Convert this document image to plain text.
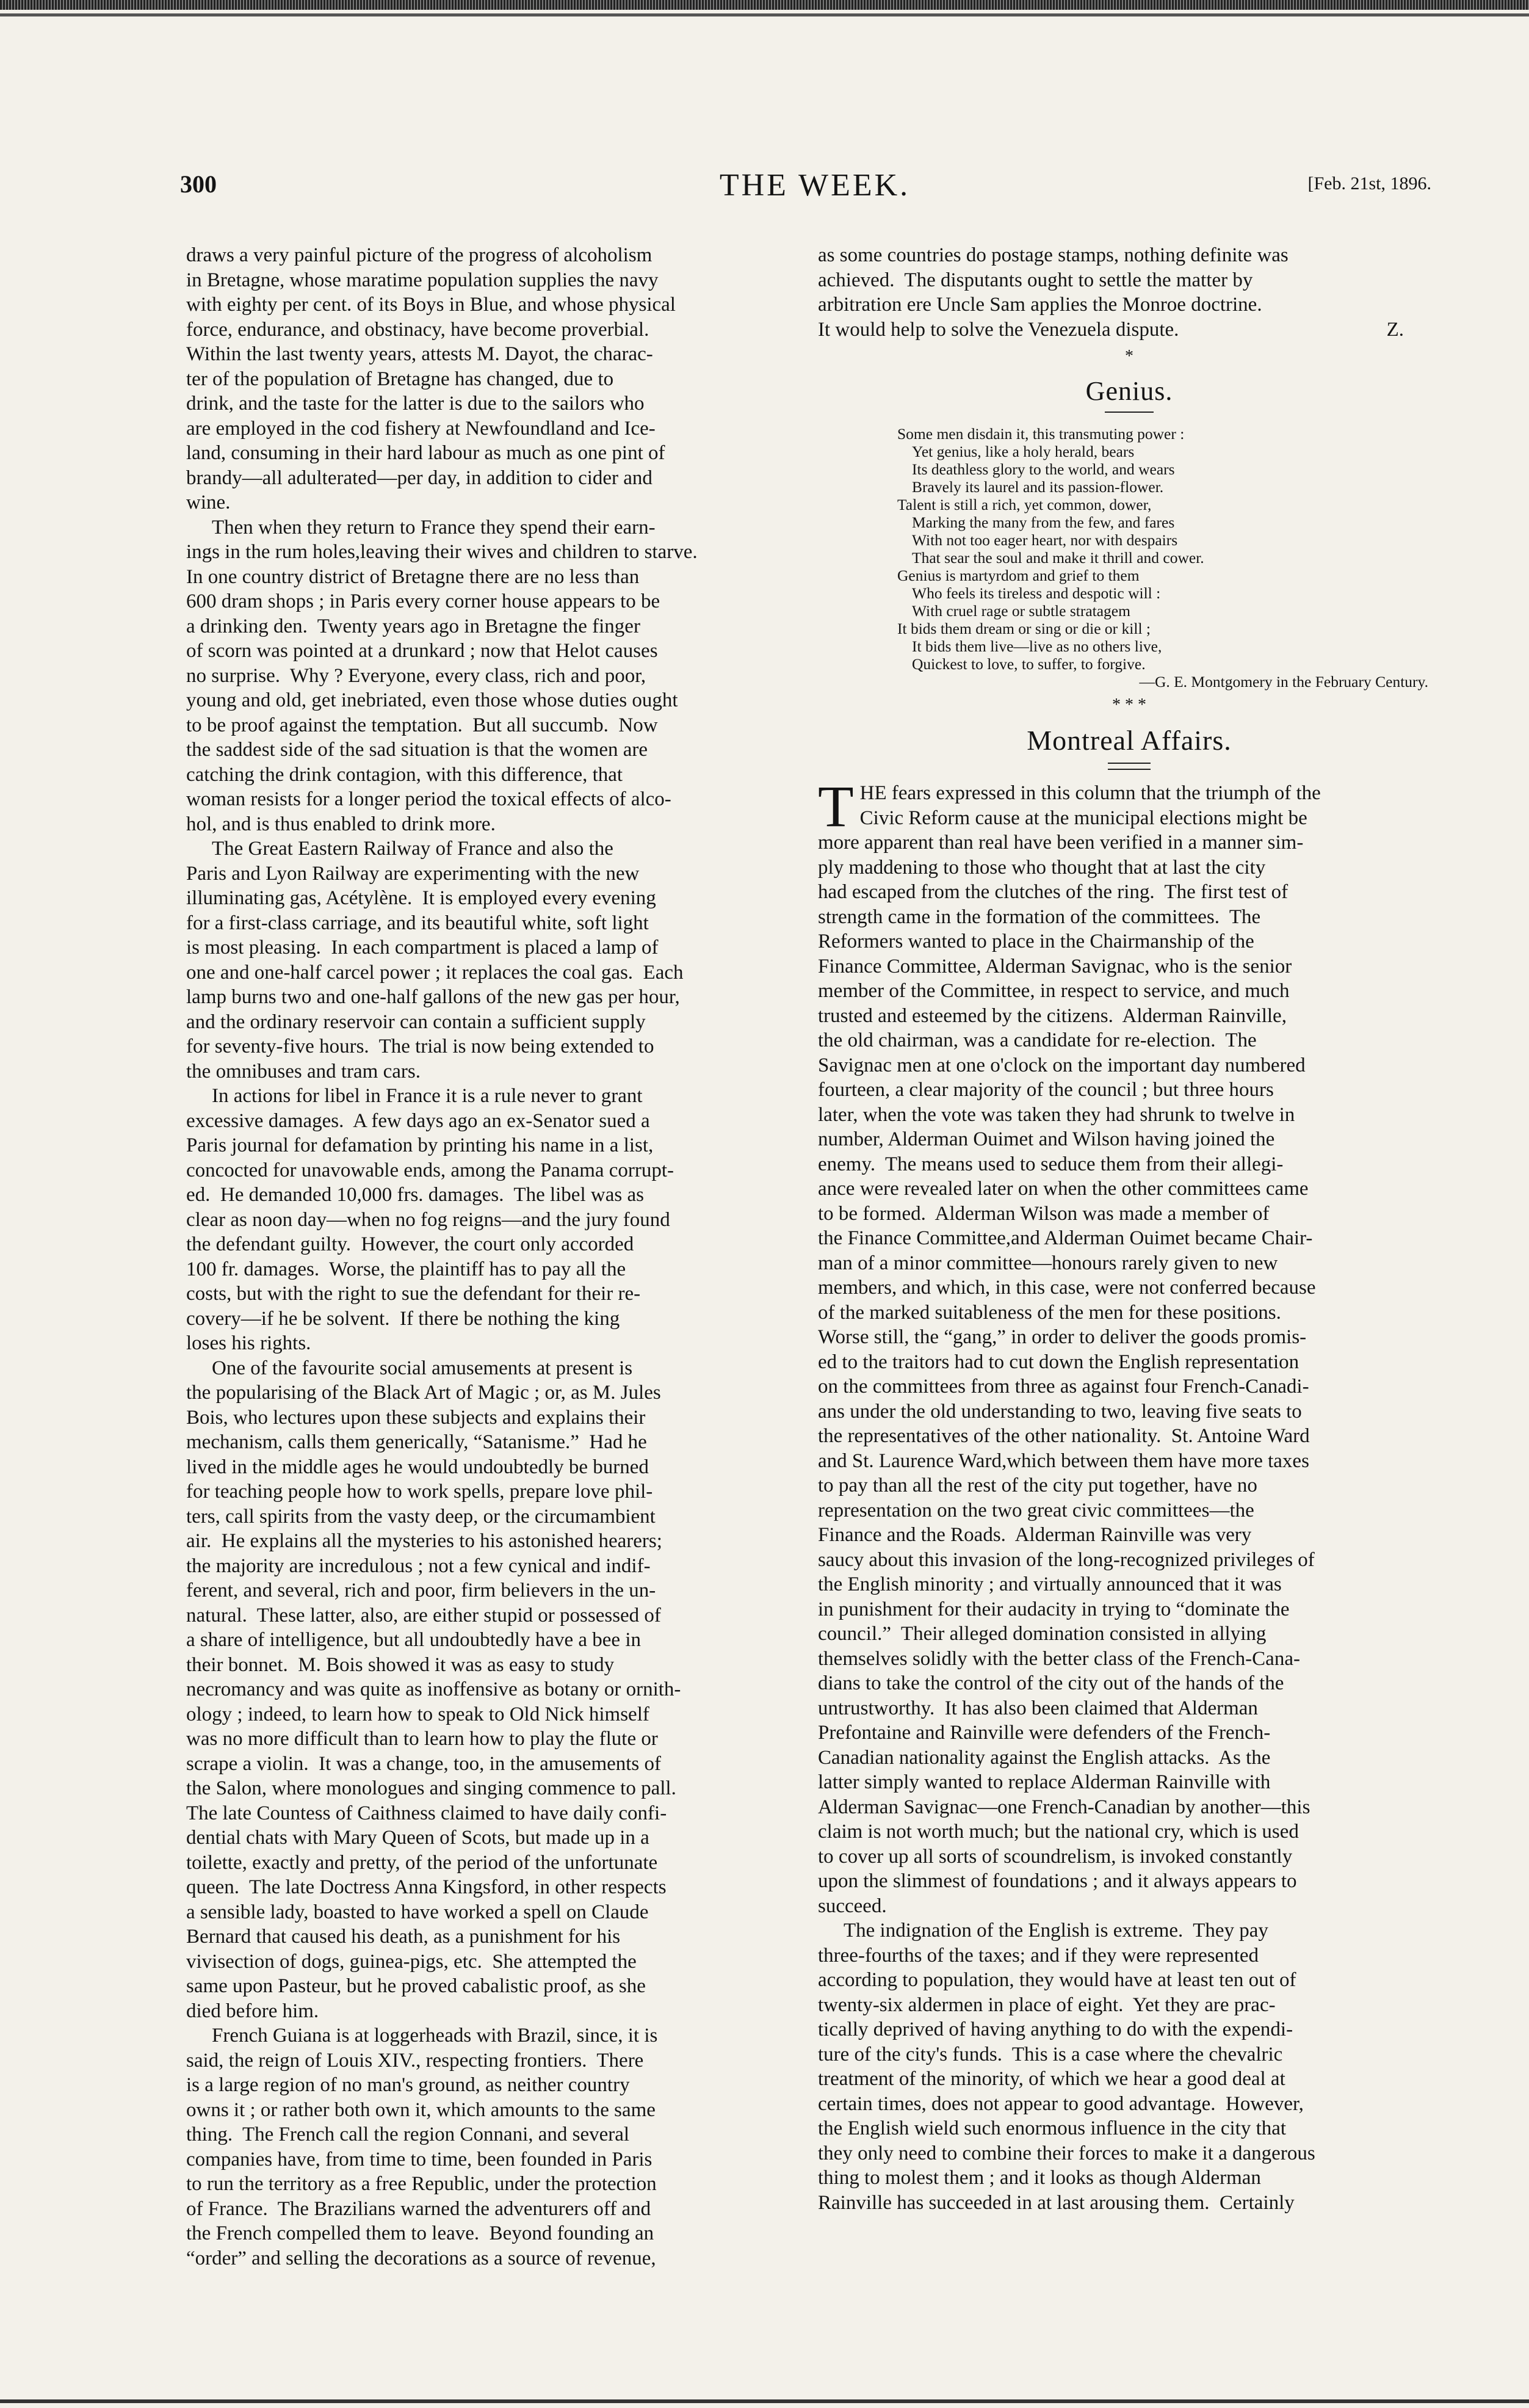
300	THE WEEK.	[Feb. 21st, 1896.
draws a very painful picture of the progress of alcoholism
in Bretagne, whose maratime population supplies the navy
with eighty per cent. of its Boys in Blue, and whose physical
force, endurance, and obstinacy, have become proverbial.
Within the last twenty years, attests M. Dayot, the charac-
ter of the population of Bretagne has changed, due to
drink, and the taste for the latter is due to the sailors who
are employed in the cod fishery at Newfoundland and Ice-
land, consuming in their hard labour as much as one pint of
brandy—all adulterated—per day, in addition to cider and
wine.
Then when they return to France they spend their earn-
ings in the rum holes,leaving their wives and children to starve.
In one country district of Bretagne there are no less than
600 dram shops ; in Paris every corner house appears to be
a drinking den.  Twenty years ago in Bretagne the finger
of scorn was pointed at a drunkard ; now that Helot causes
no surprise.  Why ? Everyone, every class, rich and poor,
young and old, get inebriated, even those whose duties ought
to be proof against the temptation.  But all succumb.  Now
the saddest side of the sad situation is that the women are
catching the drink contagion, with this difference, that
woman resists for a longer period the toxical effects of alco-
hol, and is thus enabled to drink more.
The Great Eastern Railway of France and also the
Paris and Lyon Railway are experimenting with the new
illuminating gas, Acétylène.  It is employed every evening
for a first-class carriage, and its beautiful white, soft light
is most pleasing.  In each compartment is placed a lamp of
one and one-half carcel power ; it replaces the coal gas.  Each
lamp burns two and one-half gallons of the new gas per hour,
and the ordinary reservoir can contain a sufficient supply
for seventy-five hours.  The trial is now being extended to
the omnibuses and tram cars.
In actions for libel in France it is a rule never to grant
excessive damages.  A few days ago an ex-Senator sued a
Paris journal for defamation by printing his name in a list,
concocted for unavowable ends, among the Panama corrupt-
ed.  He demanded 10,000 frs. damages.  The libel was as
clear as noon day—when no fog reigns—and the jury found
the defendant guilty.  However, the court only accorded
100 fr. damages.  Worse, the plaintiff has to pay all the
costs, but with the right to sue the defendant for their re-
covery—if he be solvent.  If there be nothing the king
loses his rights.
One of the favourite social amusements at present is
the popularising of the Black Art of Magic ; or, as M. Jules
Bois, who lectures upon these subjects and explains their
mechanism, calls them generically, “Satanisme.”  Had he
lived in the middle ages he would undoubtedly be burned
for teaching people how to work spells, prepare love phil-
ters, call spirits from the vasty deep, or the circumambient
air.  He explains all the mysteries to his astonished hearers;
the majority are incredulous ; not a few cynical and indif-
ferent, and several, rich and poor, firm believers in the un-
natural.  These latter, also, are either stupid or possessed of
a share of intelligence, but all undoubtedly have a bee in
their bonnet.  M. Bois showed it was as easy to study
necromancy and was quite as inoffensive as botany or ornith-
ology ; indeed, to learn how to speak to Old Nick himself
was no more difficult than to learn how to play the flute or
scrape a violin.  It was a change, too, in the amusements of
the Salon, where monologues and singing commence to pall.
The late Countess of Caithness claimed to have daily confi-
dential chats with Mary Queen of Scots, but made up in a
toilette, exactly and pretty, of the period of the unfortunate
queen.  The late Doctress Anna Kingsford, in other respects
a sensible lady, boasted to have worked a spell on Claude
Bernard that caused his death, as a punishment for his
vivisection of dogs, guinea-pigs, etc.  She attempted the
same upon Pasteur, but he proved cabalistic proof, as she
died before him.
French Guiana is at loggerheads with Brazil, since, it is
said, the reign of Louis XIV., respecting frontiers.  There
is a large region of no man's ground, as neither country
owns it ; or rather both own it, which amounts to the same
thing.  The French call the region Connani, and several
companies have, from time to time, been founded in Paris
to run the territory as a free Republic, under the protection
of France.  The Brazilians warned the adventurers off and
the French compelled them to leave.  Beyond founding an
“order” and selling the decorations as a source of revenue,
as some countries do postage stamps, nothing definite was
achieved.  The disputants ought to settle the matter by
arbitration ere Uncle Sam applies the Monroe doctrine.
Z.
It would help to solve the Venezuela dispute.
*
Genius.
Some men disdain it, this transmuting power :
Yet genius, like a holy herald, bears
Its deathless glory to the world, and wears
Bravely its laurel and its passion-flower.
Talent is still a rich, yet common, dower,
Marking the many from the few, and fares
With not too eager heart, nor with despairs
That sear the soul and make it thrill and cower.
Genius is martyrdom and grief to them
Who feels its tireless and despotic will :
With cruel rage or subtle stratagem
It bids them dream or sing or die or kill ;
It bids them live—live as no others live,
Quickest to love, to suffer, to forgive.
—G. E. Montgomery in the February Century.
* * *
Montreal Affairs.
T HE fears expressed in this column that the triumph of the
Civic Reform cause at the municipal elections might be
more apparent than real have been verified in a manner sim-
ply maddening to those who thought that at last the city
had escaped from the clutches of the ring.  The first test of
strength came in the formation of the committees.  The
Reformers wanted to place in the Chairmanship of the
Finance Committee, Alderman Savignac, who is the senior
member of the Committee, in respect to service, and much
trusted and esteemed by the citizens.  Alderman Rainville,
the old chairman, was a candidate for re-election.  The
Savignac men at one o'clock on the important day numbered
fourteen, a clear majority of the council ; but three hours
later, when the vote was taken they had shrunk to twelve in
number, Alderman Ouimet and Wilson having joined the
enemy.  The means used to seduce them from their allegi-
ance were revealed later on when the other committees came
to be formed.  Alderman Wilson was made a member of
the Finance Committee,and Alderman Ouimet became Chair-
man of a minor committee—honours rarely given to new
members, and which, in this case, were not conferred because
of the marked suitableness of the men for these positions.
Worse still, the “gang,” in order to deliver the goods promis-
ed to the traitors had to cut down the English representation
on the committees from three as against four French-Canadi-
ans under the old understanding to two, leaving five seats to
the representatives of the other nationality.  St. Antoine Ward
and St. Laurence Ward,which between them have more taxes
to pay than all the rest of the city put together, have no
representation on the two great civic committees—the
Finance and the Roads.  Alderman Rainville was very
saucy about this invasion of the long-recognized privileges of
the English minority ; and virtually announced that it was
in punishment for their audacity in trying to “dominate the
council.”  Their alleged domination consisted in allying
themselves solidly with the better class of the French-Cana-
dians to take the control of the city out of the hands of the
untrustworthy.  It has also been claimed that Alderman
Prefontaine and Rainville were defenders of the French-
Canadian nationality against the English attacks.  As the
latter simply wanted to replace Alderman Rainville with
Alderman Savignac—one French-Canadian by another—this
claim is not worth much; but the national cry, which is used
to cover up all sorts of scoundrelism, is invoked constantly
upon the slimmest of foundations ; and it always appears to
succeed.
The indignation of the English is extreme.  They pay
three-fourths of the taxes; and if they were represented
according to population, they would have at least ten out of
twenty-six aldermen in place of eight.  Yet they are prac-
tically deprived of having anything to do with the expendi-
ture of the city's funds.  This is a case where the chevalric
treatment of the minority, of which we hear a good deal at
certain times, does not appear to good advantage.  However,
the English wield such enormous influence in the city that
they only need to combine their forces to make it a dangerous
thing to molest them ; and it looks as though Alderman
Rainville has succeeded in at last arousing them.  Certainly
